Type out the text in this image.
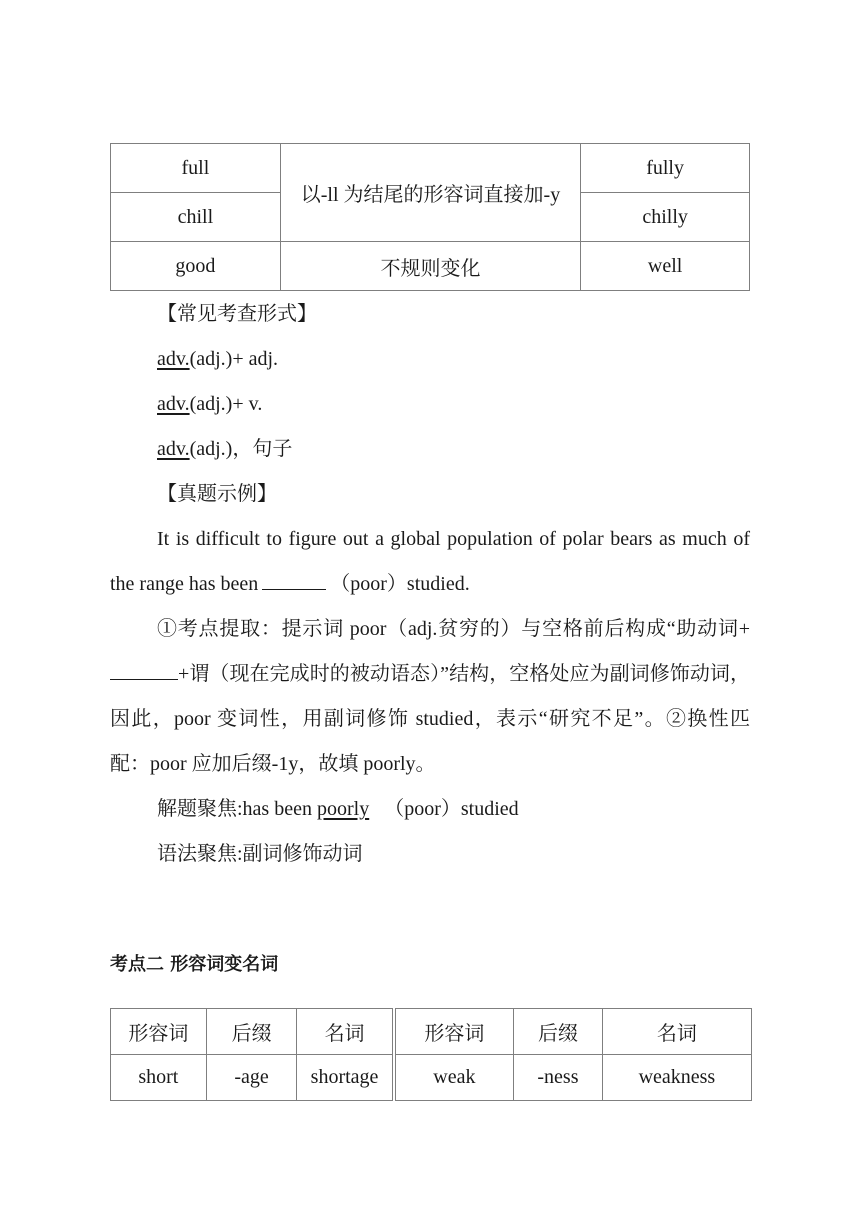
full	以-ll 为结尾的形容词直接加-y	fully
chill		chilly
good	不规则变化	well
【常见考查形式】
adv.(adj.)+ adj.
adv.(adj.)+ v.
adv.(adj.)，句子
【真题示例】
It is difficult to figure out a global population of polar bears as much of the range has been	（poor）studied.
①考点提取：提示词 poor（adj.贫穷的）与空格前后构成“助动词++谓（现在完成时的被动语态）”结构，空格处应为副词修饰动词，因此，poor 变词性，用副词修饰 studied，表示“研究不足”。②换性匹配：poor 应加后缀-1y，故填 poorly。
解题聚焦:has been poorly （poor）studied
语法聚焦:副词修饰动词
考点二 形容词变名词
形容词	后缀	名词	形容词	后缀	名词
short	-age	shortage	weak	-ness	weakness
